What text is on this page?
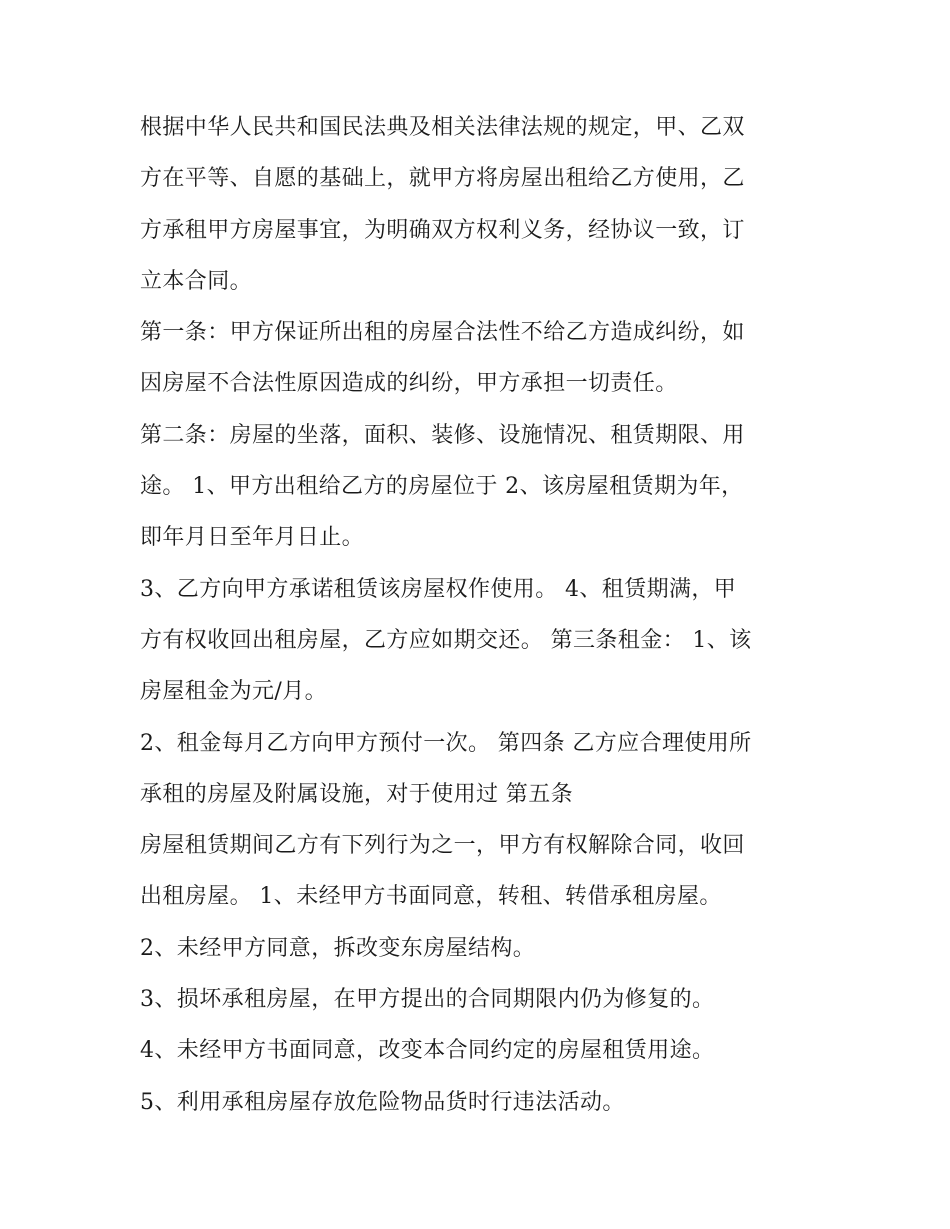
根据中华人民共和国民法典及相关法律法规的规定，甲、乙双
方在平等、自愿的基础上，就甲方将房屋出租给乙方使用，乙
方承租甲方房屋事宜，为明确双方权利义务，经协议一致，订
立本合同。
第一条：甲方保证所出租的房屋合法性不给乙方造成纠纷，如
因房屋不合法性原因造成的纠纷，甲方承担一切责任。
第二条：房屋的坐落，面积、装修、设施情况、租赁期限、用
途。 1、甲方出租给乙方的房屋位于 2、该房屋租赁期为年，
即年月日至年月日止。
3、乙方向甲方承诺租赁该房屋权作使用。 4、租赁期满，甲
方有权收回出租房屋，乙方应如期交还。 第三条租金： 1、该
房屋租金为元/月。
2、租金每月乙方向甲方预付一次。 第四条 乙方应合理使用所
承租的房屋及附属设施，对于使用过 第五条
房屋租赁期间乙方有下列行为之一，甲方有权解除合同，收回
出租房屋。 1、未经甲方书面同意，转租、转借承租房屋。
2、未经甲方同意，拆改变东房屋结构。
3、损坏承租房屋，在甲方提出的合同期限内仍为修复的。
4、未经甲方书面同意，改变本合同约定的房屋租赁用途。
5、利用承租房屋存放危险物品货时行违法活动。
